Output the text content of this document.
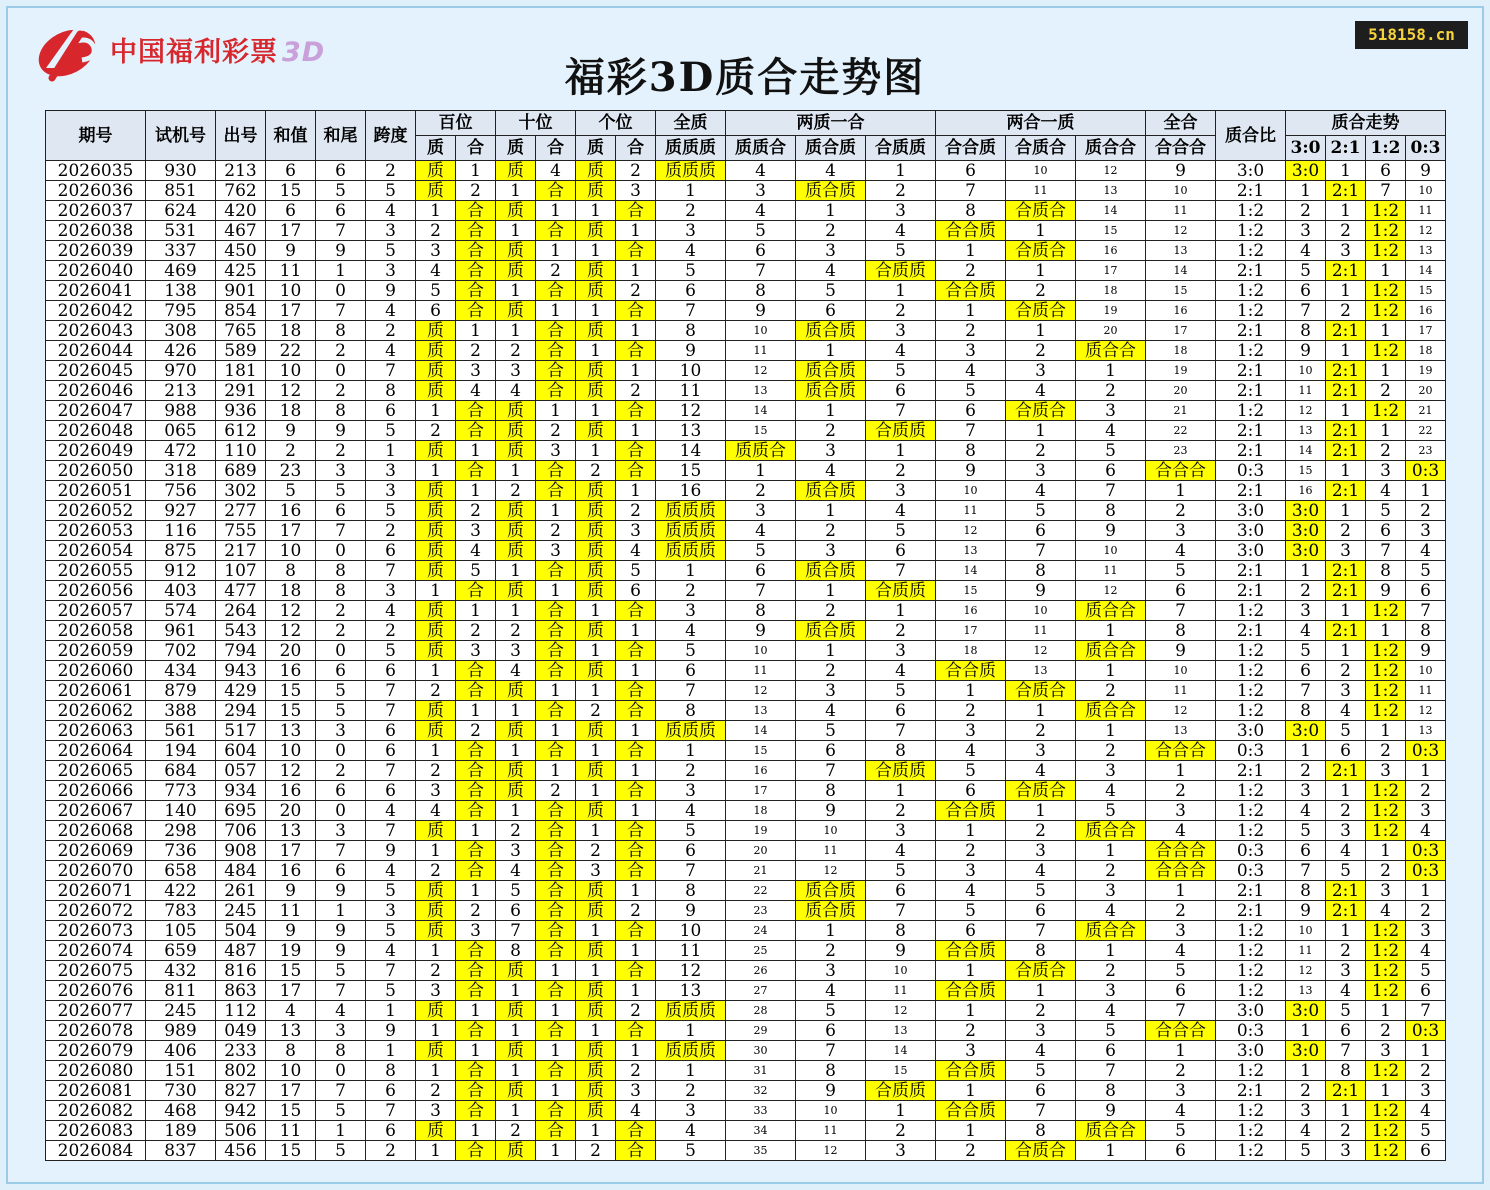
中国福利彩票 3D
福彩3D质合走势图
518158.cn
期号	试机号	出号	和值	和尾	跨度	百位		十位		个位		全质	两质一合			两合一质			全合	质合比	质合走势			
						质	合	质	合	质	合	质质质	质质合	质合质	合质质	合合质	合质合	质合合	合合合		3:0	2:1	1:2	0:3
2026035	930	213	6	6	2	质	1	质	4	质	2	质质质	4	4	1	6	10	12	9	3:0	3:0	1	6	9
2026036	851	762	15	5	5	质	2	1	合	质	3	1	3	质合质	2	7	11	13	10	2:1	1	2:1	7	10
2026037	624	420	6	6	4	1	合	质	1	1	合	2	4	1	3	8	合质合	14	11	1:2	2	1	1:2	11
2026038	531	467	17	7	3	2	合	1	合	质	1	3	5	2	4	合合质	1	15	12	1:2	3	2	1:2	12
2026039	337	450	9	9	5	3	合	质	1	1	合	4	6	3	5	1	合质合	16	13	1:2	4	3	1:2	13
2026040	469	425	11	1	3	4	合	质	2	质	1	5	7	4	合质质	2	1	17	14	2:1	5	2:1	1	14
2026041	138	901	10	0	9	5	合	1	合	质	2	6	8	5	1	合合质	2	18	15	1:2	6	1	1:2	15
2026042	795	854	17	7	4	6	合	质	1	1	合	7	9	6	2	1	合质合	19	16	1:2	7	2	1:2	16
2026043	308	765	18	8	2	质	1	1	合	质	1	8	10	质合质	3	2	1	20	17	2:1	8	2:1	1	17
2026044	426	589	22	2	4	质	2	2	合	1	合	9	11	1	4	3	2	质合合	18	1:2	9	1	1:2	18
2026045	970	181	10	0	7	质	3	3	合	质	1	10	12	质合质	5	4	3	1	19	2:1	10	2:1	1	19
2026046	213	291	12	2	8	质	4	4	合	质	2	11	13	质合质	6	5	4	2	20	2:1	11	2:1	2	20
2026047	988	936	18	8	6	1	合	质	1	1	合	12	14	1	7	6	合质合	3	21	1:2	12	1	1:2	21
2026048	065	612	9	9	5	2	合	质	2	质	1	13	15	2	合质质	7	1	4	22	2:1	13	2:1	1	22
2026049	472	110	2	2	1	质	1	质	3	1	合	14	质质合	3	1	8	2	5	23	2:1	14	2:1	2	23
2026050	318	689	23	3	3	1	合	1	合	2	合	15	1	4	2	9	3	6	合合合	0:3	15	1	3	0:3
2026051	756	302	5	5	3	质	1	2	合	质	1	16	2	质合质	3	10	4	7	1	2:1	16	2:1	4	1
2026052	927	277	16	6	5	质	2	质	1	质	2	质质质	3	1	4	11	5	8	2	3:0	3:0	1	5	2
2026053	116	755	17	7	2	质	3	质	2	质	3	质质质	4	2	5	12	6	9	3	3:0	3:0	2	6	3
2026054	875	217	10	0	6	质	4	质	3	质	4	质质质	5	3	6	13	7	10	4	3:0	3:0	3	7	4
2026055	912	107	8	8	7	质	5	1	合	质	5	1	6	质合质	7	14	8	11	5	2:1	1	2:1	8	5
2026056	403	477	18	8	3	1	合	质	1	质	6	2	7	1	合质质	15	9	12	6	2:1	2	2:1	9	6
2026057	574	264	12	2	4	质	1	1	合	1	合	3	8	2	1	16	10	质合合	7	1:2	3	1	1:2	7
2026058	961	543	12	2	2	质	2	2	合	质	1	4	9	质合质	2	17	11	1	8	2:1	4	2:1	1	8
2026059	702	794	20	0	5	质	3	3	合	1	合	5	10	1	3	18	12	质合合	9	1:2	5	1	1:2	9
2026060	434	943	16	6	6	1	合	4	合	质	1	6	11	2	4	合合质	13	1	10	1:2	6	2	1:2	10
2026061	879	429	15	5	7	2	合	质	1	1	合	7	12	3	5	1	合质合	2	11	1:2	7	3	1:2	11
2026062	388	294	15	5	7	质	1	1	合	2	合	8	13	4	6	2	1	质合合	12	1:2	8	4	1:2	12
2026063	561	517	13	3	6	质	2	质	1	质	1	质质质	14	5	7	3	2	1	13	3:0	3:0	5	1	13
2026064	194	604	10	0	6	1	合	1	合	1	合	1	15	6	8	4	3	2	合合合	0:3	1	6	2	0:3
2026065	684	057	12	2	7	2	合	质	1	质	1	2	16	7	合质质	5	4	3	1	2:1	2	2:1	3	1
2026066	773	934	16	6	6	3	合	质	2	1	合	3	17	8	1	6	合质合	4	2	1:2	3	1	1:2	2
2026067	140	695	20	0	4	4	合	1	合	质	1	4	18	9	2	合合质	1	5	3	1:2	4	2	1:2	3
2026068	298	706	13	3	7	质	1	2	合	1	合	5	19	10	3	1	2	质合合	4	1:2	5	3	1:2	4
2026069	736	908	17	7	9	1	合	3	合	2	合	6	20	11	4	2	3	1	合合合	0:3	6	4	1	0:3
2026070	658	484	16	6	4	2	合	4	合	3	合	7	21	12	5	3	4	2	合合合	0:3	7	5	2	0:3
2026071	422	261	9	9	5	质	1	5	合	质	1	8	22	质合质	6	4	5	3	1	2:1	8	2:1	3	1
2026072	783	245	11	1	3	质	2	6	合	质	2	9	23	质合质	7	5	6	4	2	2:1	9	2:1	4	2
2026073	105	504	9	9	5	质	3	7	合	1	合	10	24	1	8	6	7	质合合	3	1:2	10	1	1:2	3
2026074	659	487	19	9	4	1	合	8	合	质	1	11	25	2	9	合合质	8	1	4	1:2	11	2	1:2	4
2026075	432	816	15	5	7	2	合	质	1	1	合	12	26	3	10	1	合质合	2	5	1:2	12	3	1:2	5
2026076	811	863	17	7	5	3	合	1	合	质	1	13	27	4	11	合合质	1	3	6	1:2	13	4	1:2	6
2026077	245	112	4	4	1	质	1	质	1	质	2	质质质	28	5	12	1	2	4	7	3:0	3:0	5	1	7
2026078	989	049	13	3	9	1	合	1	合	1	合	1	29	6	13	2	3	5	合合合	0:3	1	6	2	0:3
2026079	406	233	8	8	1	质	1	质	1	质	1	质质质	30	7	14	3	4	6	1	3:0	3:0	7	3	1
2026080	151	802	10	0	8	1	合	1	合	质	2	1	31	8	15	合合质	5	7	2	1:2	1	8	1:2	2
2026081	730	827	17	7	6	2	合	质	1	质	3	2	32	9	合质质	1	6	8	3	2:1	2	2:1	1	3
2026082	468	942	15	5	7	3	合	1	合	质	4	3	33	10	1	合合质	7	9	4	1:2	3	1	1:2	4
2026083	189	506	11	1	6	质	1	2	合	1	合	4	34	11	2	1	8	质合合	5	1:2	4	2	1:2	5
2026084	837	456	15	5	2	1	合	质	1	2	合	5	35	12	3	2	合质合	1	6	1:2	5	3	1:2	6
